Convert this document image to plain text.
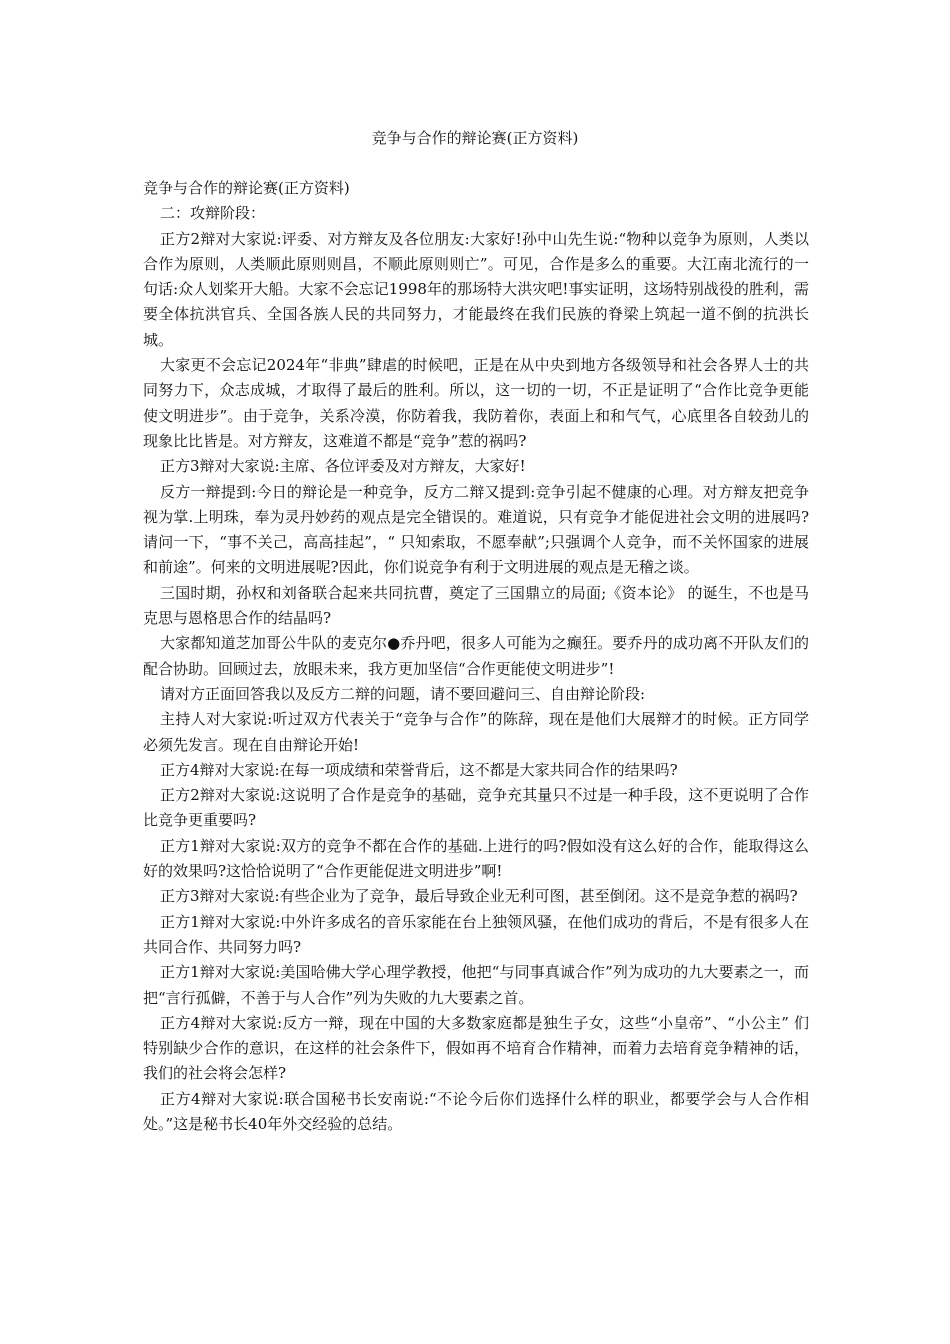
竞争与合作的辩论赛(正方资料)

竞争与合作的辩论赛(正方资料)

二：攻辩阶段：

正方2辩对大家说:评委、对方辩友及各位朋友:大家好!孙中山先生说:“物种以竞争为原则，人类以合作为原则，人类顺此原则则昌，不顺此原则则亡”。可见，合作是多么的重要。大江南北流行的一句话:众人划桨开大船。大家不会忘记1998年的那场特大洪灾吧!事实证明，这场特别战役的胜利，需要全体抗洪官兵、全国各族人民的共同努力，才能最终在我们民族的脊梁上筑起一道不倒的抗洪长城。

大家更不会忘记2024年“非典”肆虐的时候吧，正是在从中央到地方各级领导和社会各界人士的共同努力下，众志成城，才取得了最后的胜利。所以，这一切的一切，不正是证明了“合作比竞争更能使文明进步”。由于竞争，关系冷漠，你防着我，我防着你，表面上和和气气，心底里各自较劲儿的现象比比皆是。对方辩友，这难道不都是“竞争”惹的祸吗?

正方3辩对大家说:主席、各位评委及对方辩友，大家好!

反方一辩提到:今日的辩论是一种竞争，反方二辩又提到:竞争引起不健康的心理。对方辩友把竞争视为掌.上明珠，奉为灵丹妙药的观点是完全错误的。难道说，只有竞争才能促进社会文明的进展吗?请问一下，“事不关己，高高挂起”，“ 只知索取，不愿奉献”;只强调个人竞争，而不关怀国家的进展和前途”。何来的文明进展呢?因此，你们说竞争有利于文明进展的观点是无稽之谈。

三国时期，孙权和刘备联合起来共同抗曹，奠定了三国鼎立的局面;《资本论》 的诞生，不也是马克思与恩格思合作的结晶吗?

大家都知道芝加哥公牛队的麦克尔●乔丹吧，很多人可能为之癫狂。要乔丹的成功离不开队友们的配合协助。回顾过去，放眼未来，我方更加坚信“合作更能使文明进步”!

请对方正面回答我以及反方二辩的问题，请不要回避问三、自由辩论阶段:

主持人对大家说:听过双方代表关于“竞争与合作”的陈辞，现在是他们大展辩才的时候。正方同学必须先发言。现在自由辩论开始!

正方4辩对大家说:在每一项成绩和荣誉背后，这不都是大家共同合作的结果吗?

正方2辩对大家说:这说明了合作是竞争的基础，竞争充其量只不过是一种手段，这不更说明了合作比竞争更重要吗?

正方1辩对大家说:双方的竞争不都在合作的基础.上进行的吗?假如没有这么好的合作，能取得这么好的效果吗?这恰恰说明了“合作更能促进文明进步”啊!

正方3辩对大家说:有些企业为了竞争，最后导致企业无利可图，甚至倒闭。这不是竞争惹的祸吗?

正方1辩对大家说:中外许多成名的音乐家能在台上独领风骚，在他们成功的背后，不是有很多人在共同合作、共同努力吗?

正方1辩对大家说:美国哈佛大学心理学教授，他把“与同事真诚合作”列为成功的九大要素之一，而把“言行孤僻，不善于与人合作”列为失败的九大要素之首。

正方4辩对大家说:反方一辩，现在中国的大多数家庭都是独生子女，这些“小皇帝”、“小公主” 们特别缺少合作的意识，在这样的社会条件下，假如再不培育合作精神，而着力去培育竞争精神的话，我们的社会将会怎样?

正方4辩对大家说:联合国秘书长安南说:“不论今后你们选择什么样的职业，都要学会与人合作相处。”这是秘书长40年外交经验的总结。
